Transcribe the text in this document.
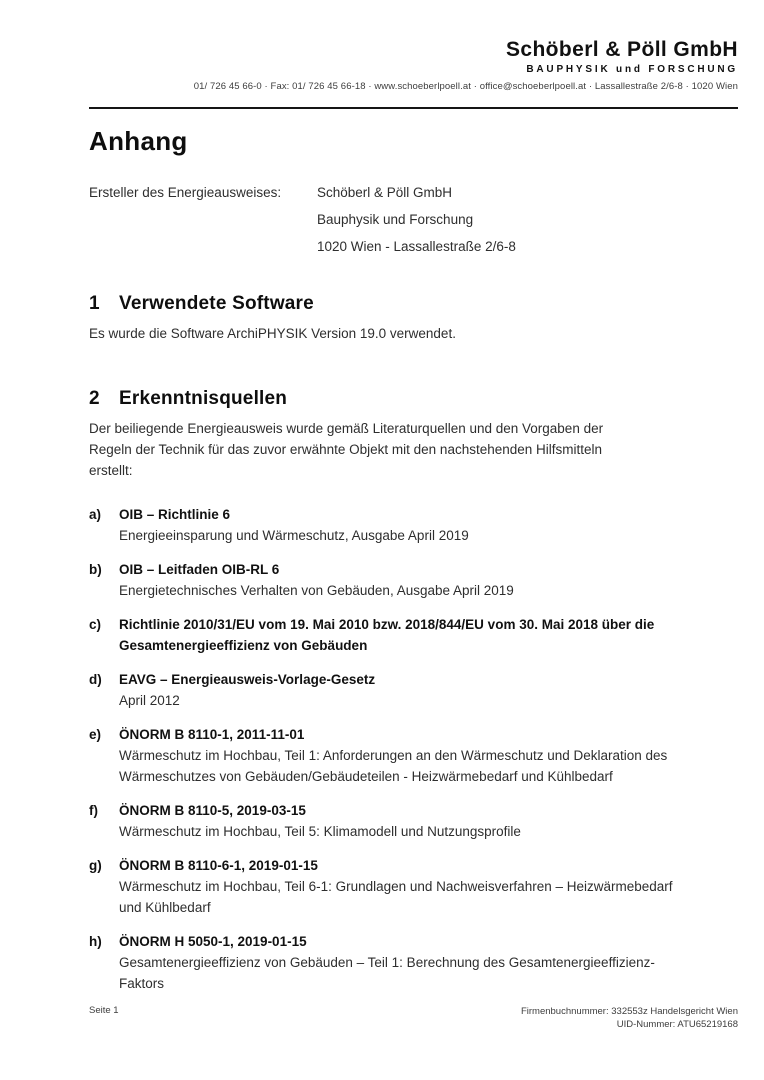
Schöberl & Pöll GmbH
BAUPHYSIK und FORSCHUNG
01/ 726 45 66-0 · Fax: 01/ 726 45 66-18 · www.schoeberlpoell.at · office@schoeberlpoell.at · Lassallestraße 2/6-8 · 1020 Wien
Anhang
Ersteller des Energieausweises:	Schöberl & Pöll GmbH
Bauphysik und Forschung
1020 Wien - Lassallestraße 2/6-8
1	Verwendete Software

Es wurde die Software ArchiPHYSIK Version 19.0 verwendet.

2	Erkenntnisquellen

Der beiliegende Energieausweis wurde gemäß Literaturquellen und den Vorgaben der Regeln der Technik für das zuvor erwähnte Objekt mit den nachstehenden Hilfsmitteln erstellt:

a)	OIB – Richtlinie 6
Energieeinsparung und Wärmeschutz, Ausgabe April 2019
b)	OIB – Leitfaden OIB-RL 6
Energietechnisches Verhalten von Gebäuden, Ausgabe April 2019
c)	Richtlinie 2010/31/EU vom 19. Mai 2010 bzw. 2018/844/EU vom 30. Mai 2018 über die Gesamtenergieeffizienz von Gebäuden
d)	EAVG – Energieausweis-Vorlage-Gesetz
April 2012
e)	ÖNORM B 8110-1, 2011-11-01
Wärmeschutz im Hochbau, Teil 1: Anforderungen an den Wärmeschutz und Deklaration des Wärmeschutzes von Gebäuden/Gebäudeteilen - Heizwärmebedarf und Kühlbedarf
f)	ÖNORM B 8110-5, 2019-03-15
Wärmeschutz im Hochbau, Teil 5: Klimamodell und Nutzungsprofile
g)	ÖNORM B 8110-6-1, 2019-01-15
Wärmeschutz im Hochbau, Teil 6-1: Grundlagen und Nachweisverfahren – Heizwärmebedarf und Kühlbedarf
h)	ÖNORM H 5050-1, 2019-01-15
Gesamtenergieeffizienz von Gebäuden – Teil 1: Berechnung des Gesamtenergieeffizienz-Faktors
Seite 1	Firmenbuchnummer: 332553z Handelsgericht Wien
UID-Nummer: ATU65219168
